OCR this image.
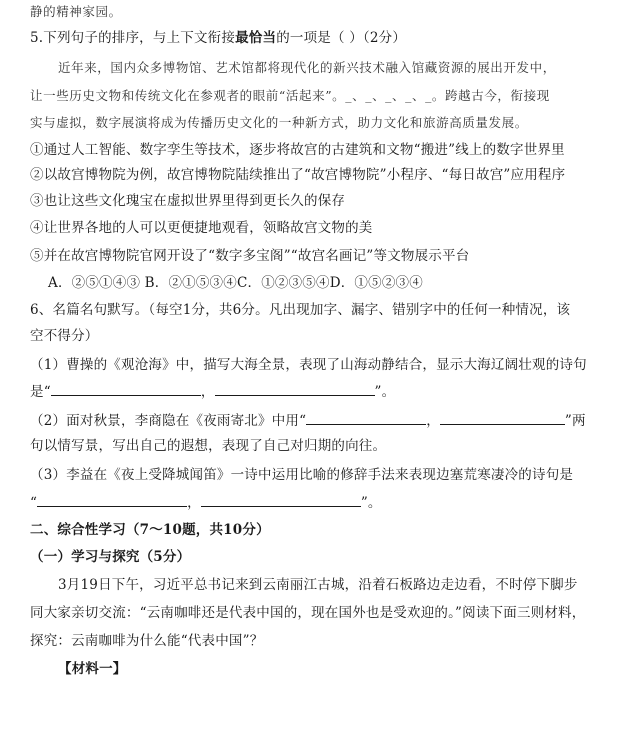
静的精神家园。
5.下列句子的排序，与上下文衔接最恰当的一项是（ ）（2分）
近年来，国内众多博物馆、艺术馆都将现代化的新兴技术融入馆藏资源的展出开发中，
让一些历史文物和传统文化在参观者的眼前“活起来”。_、_、_、_、_。跨越古今，衔接现
实与虚拟，数字展演将成为传播历史文化的一种新方式，助力文化和旅游高质量发展。
①通过人工智能、数字孪生等技术，逐步将故宫的古建筑和文物“搬进”线上的数字世界里
②以故宫博物院为例，故宫博物院陆续推出了“故宫博物院”小程序、“每日故宫”应用程序
③也让这些文化瑰宝在虚拟世界里得到更长久的保存
④让世界各地的人可以更便捷地观看，领略故宫文物的美
⑤并在故宫博物院官网开设了“数字多宝阁”“故宫名画记”等文物展示平台
A．②⑤①④③ B．②①⑤③④C．①②③⑤④D．①⑤②③④
6、名篇名句默写。（每空1分，共6分。凡出现加字、漏字、错别字中的任何一种情况，该
空不得分）
（1）曹操的《观沧海》中，描写大海全景，表现了山海动静结合，显示大海辽阔壮观的诗句
是“	，	”。
（2）面对秋景，李商隐在《夜雨寄北》中用“	，	”两
句以情写景，写出自己的遐想，表现了自己对归期的向往。
（3）李益在《夜上受降城闻笛》一诗中运用比喻的修辞手法来表现边塞荒寒凄冷的诗句是
“	，	”。
二、综合性学习（7～10题，共10分）
（一）学习与探究（5分）
3月19日下午，习近平总书记来到云南丽江古城，沿着石板路边走边看，不时停下脚步
同大家亲切交流：“云南咖啡还是代表中国的，现在国外也是受欢迎的。”阅读下面三则材料，
探究：云南咖啡为什么能“代表中国”？
【材料一】
